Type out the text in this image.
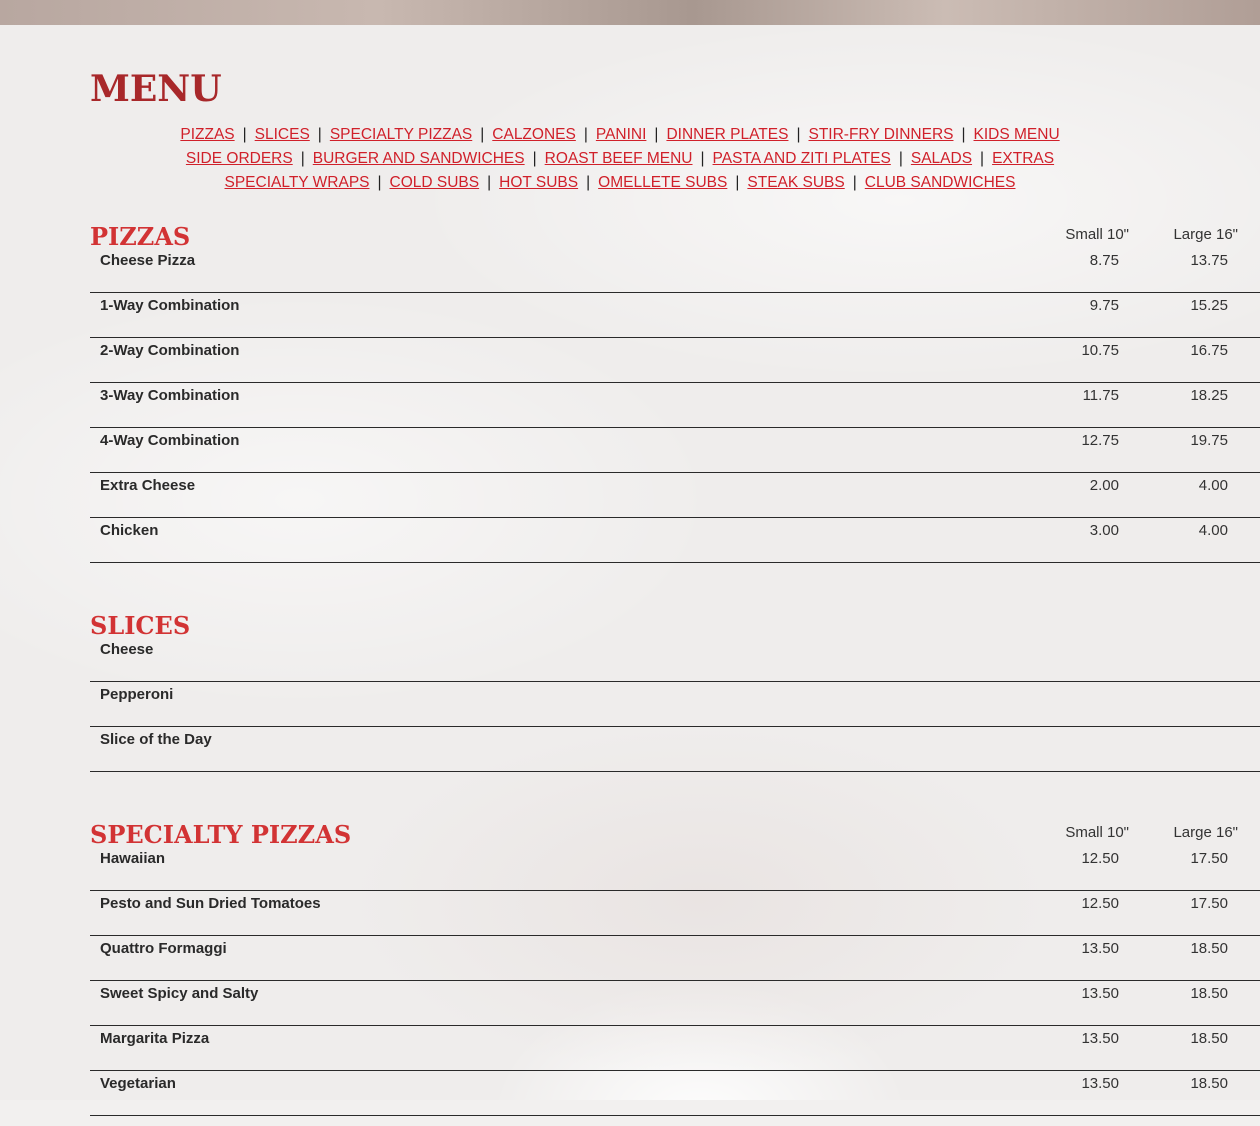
MENU
PIZZAS | SLICES | SPECIALTY PIZZAS | CALZONES | PANINI | DINNER PLATES | STIR-FRY DINNERS | KIDS MENU
SIDE ORDERS | BURGER AND SANDWICHES | ROAST BEEF MENU | PASTA AND ZITI PLATES | SALADS | EXTRAS
SPECIALTY WRAPS | COLD SUBS | HOT SUBS | OMELLETE SUBS | STEAK SUBS | CLUB SANDWICHES
PIZZAS	Small 10"	Large 16"
Cheese Pizza	8.75	13.75
1-Way Combination	9.75	15.25
2-Way Combination	10.75	16.75
3-Way Combination	11.75	18.25
4-Way Combination	12.75	19.75
Extra Cheese	2.00	4.00
Chicken	3.00	4.00
SLICES
Cheese
Pepperoni
Slice of the Day
SPECIALTY PIZZAS	Small 10"	Large 16"
Hawaiian	12.50	17.50
Pesto and Sun Dried Tomatoes	12.50	17.50
Quattro Formaggi	13.50	18.50
Sweet Spicy and Salty	13.50	18.50
Margarita Pizza	13.50	18.50
Vegetarian	13.50	18.50
